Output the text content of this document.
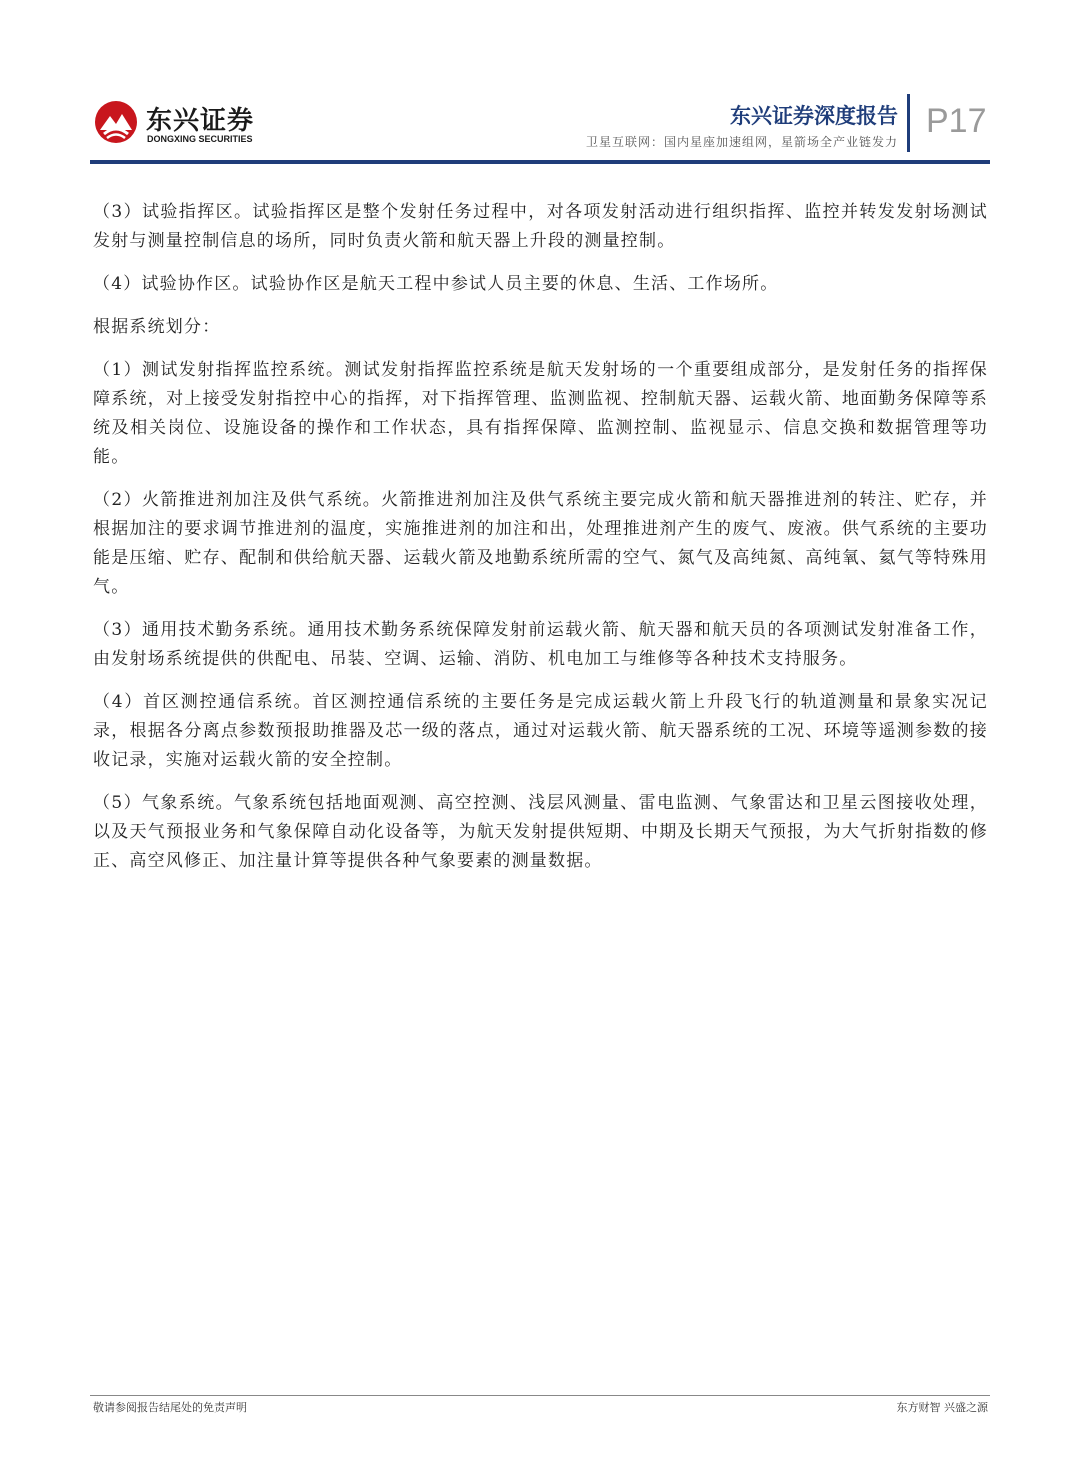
东兴证券
DONGXING SECURITIES
东兴证券深度报告
卫星互联网：国内星座加速组网，星箭场全产业链发力
P17

（3）试验指挥区。试验指挥区是整个发射任务过程中，对各项发射活动进行组织指挥、监控并转发发射场测试发射与测量控制信息的场所，同时负责火箭和航天器上升段的测量控制。

（4）试验协作区。试验协作区是航天工程中参试人员主要的休息、生活、工作场所。

根据系统划分：

（1）测试发射指挥监控系统。测试发射指挥监控系统是航天发射场的一个重要组成部分，是发射任务的指挥保障系统，对上接受发射指控中心的指挥，对下指挥管理、监测监视、控制航天器、运载火箭、地面勤务保障等系统及相关岗位、设施设备的操作和工作状态，具有指挥保障、监测控制、监视显示、信息交换和数据管理等功能。

（2）火箭推进剂加注及供气系统。火箭推进剂加注及供气系统主要完成火箭和航天器推进剂的转注、贮存，并根据加注的要求调节推进剂的温度，实施推进剂的加注和出，处理推进剂产生的废气、废液。供气系统的主要功能是压缩、贮存、配制和供给航天器、运载火箭及地勤系统所需的空气、氮气及高纯氮、高纯氧、氦气等特殊用气。

（3）通用技术勤务系统。通用技术勤务系统保障发射前运载火箭、航天器和航天员的各项测试发射准备工作，由发射场系统提供的供配电、吊装、空调、运输、消防、机电加工与维修等各种技术支持服务。

（4）首区测控通信系统。首区测控通信系统的主要任务是完成运载火箭上升段飞行的轨道测量和景象实况记录，根据各分离点参数预报助推器及芯一级的落点，通过对运载火箭、航天器系统的工况、环境等遥测参数的接收记录，实施对运载火箭的安全控制。

（5）气象系统。气象系统包括地面观测、高空控测、浅层风测量、雷电监测、气象雷达和卫星云图接收处理，以及天气预报业务和气象保障自动化设备等，为航天发射提供短期、中期及长期天气预报，为大气折射指数的修正、高空风修正、加注量计算等提供各种气象要素的测量数据。

敬请参阅报告结尾处的免责声明	东方财智 兴盛之源
